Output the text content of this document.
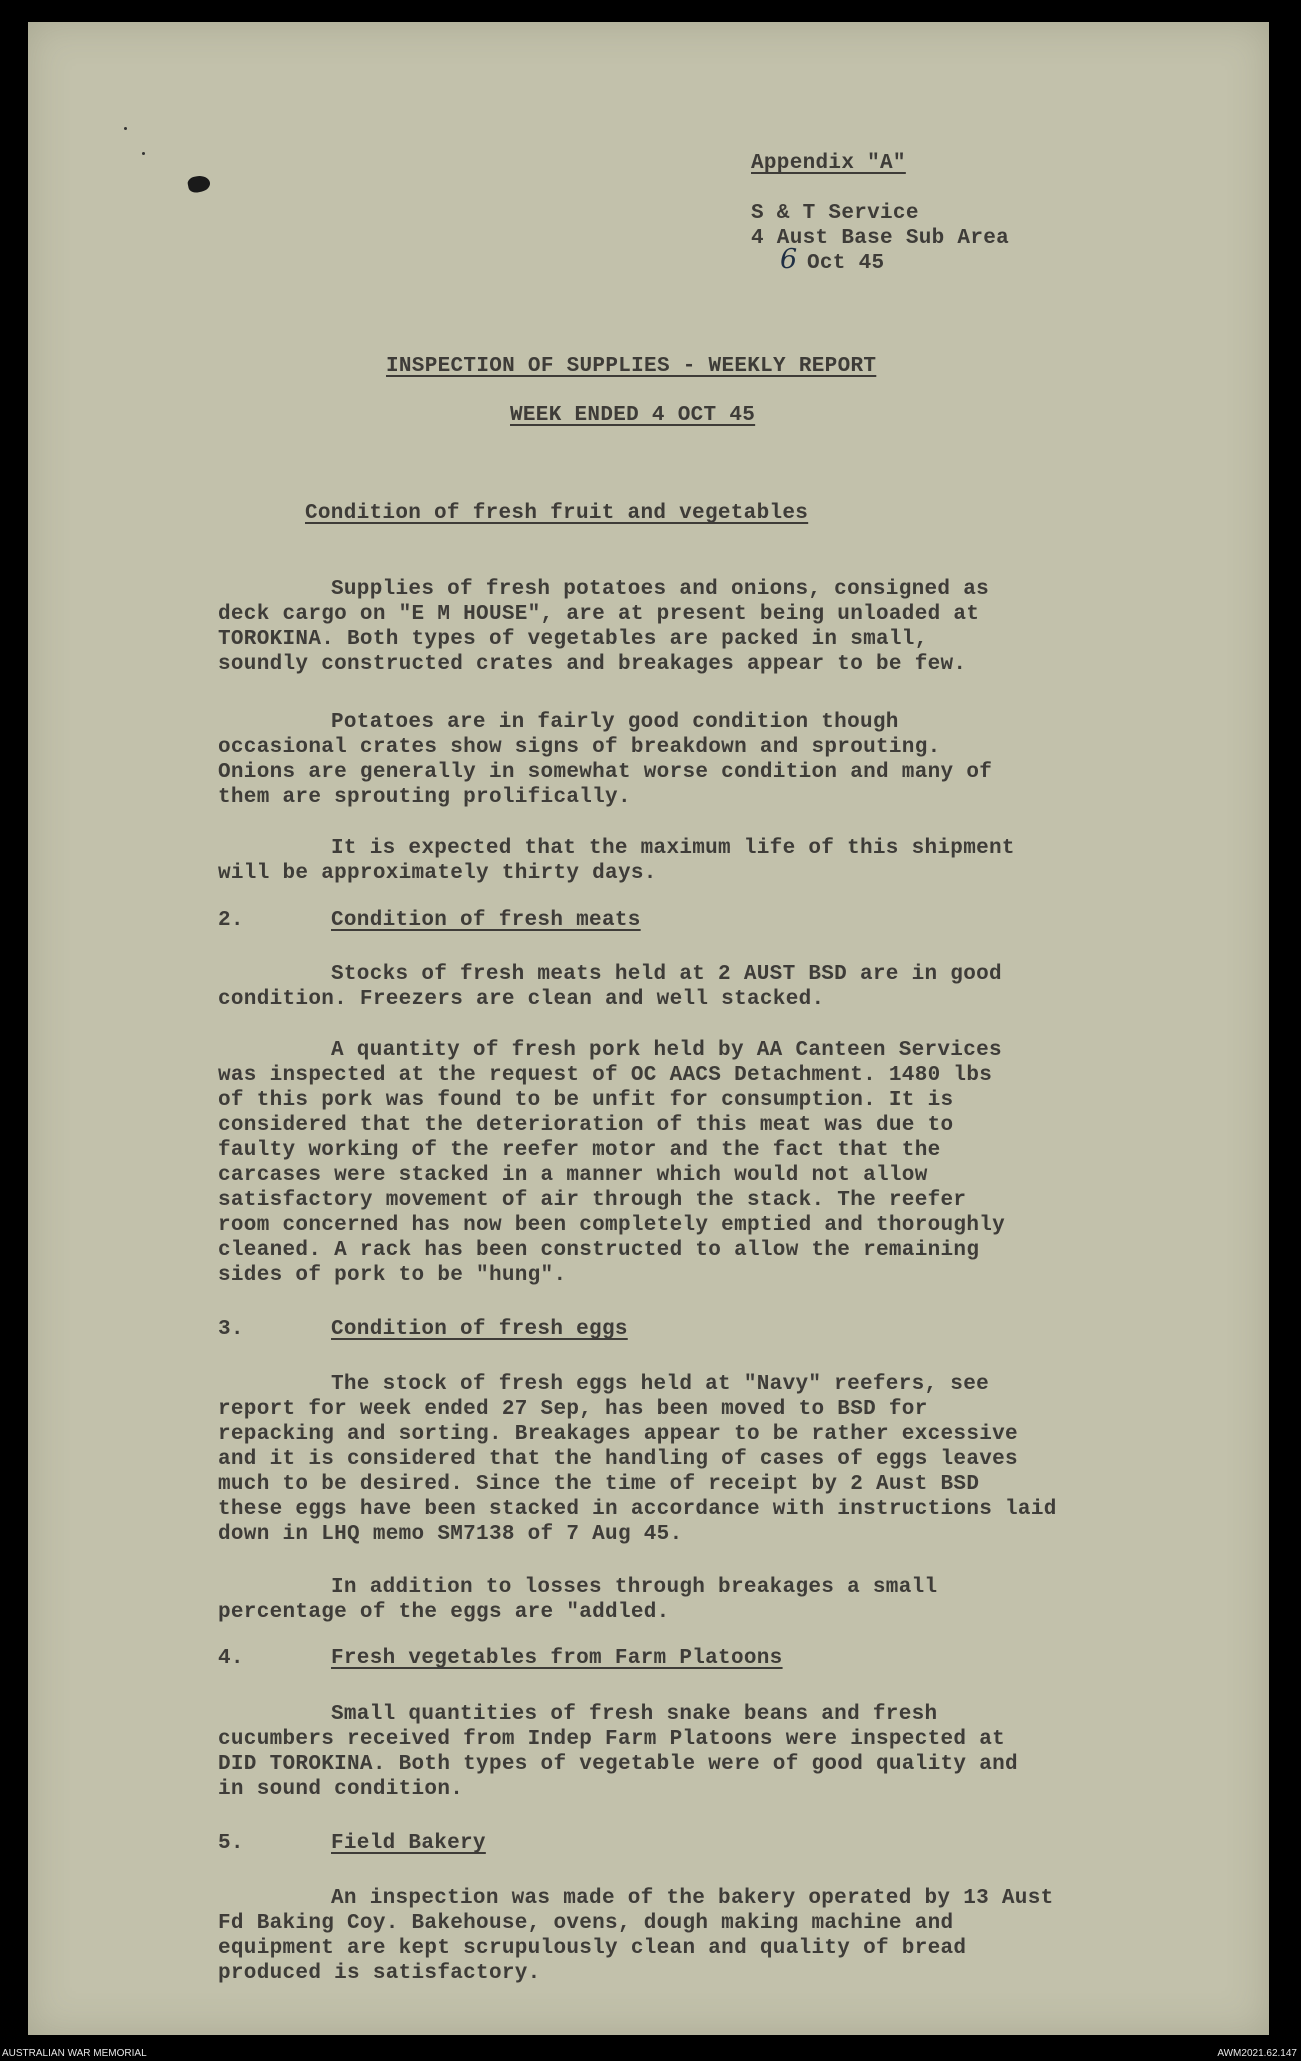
Appendix "A"
S & T Service
4 Aust Base Sub Area
6 Oct 45
INSPECTION OF SUPPLIES - WEEKLY REPORT
WEEK ENDED 4 OCT 45
Condition of fresh fruit and vegetables
Supplies of fresh potatoes and onions, consigned as
deck cargo on "E M HOUSE", are at present being unloaded at
TOROKINA. Both types of vegetables are packed in small,
soundly constructed crates and breakages appear to be few.
Potatoes are in fairly good condition though
occasional crates show signs of breakdown and sprouting.
Onions are generally in somewhat worse condition and many of
them are sprouting prolifically.
It is expected that the maximum life of this shipment
will be approximately thirty days.
2.	Condition of fresh meats
Stocks of fresh meats held at 2 AUST BSD are in good
condition. Freezers are clean and well stacked.
A quantity of fresh pork held by AA Canteen Services
was inspected at the request of OC AACS Detachment. 1480 lbs
of this pork was found to be unfit for consumption. It is
considered that the deterioration of this meat was due to
faulty working of the reefer motor and the fact that the
carcases were stacked in a manner which would not allow
satisfactory movement of air through the stack. The reefer
room concerned has now been completely emptied and thoroughly
cleaned. A rack has been constructed to allow the remaining
sides of pork to be "hung".
3.	Condition of fresh eggs
The stock of fresh eggs held at "Navy" reefers, see
report for week ended 27 Sep, has been moved to BSD for
repacking and sorting. Breakages appear to be rather excessive
and it is considered that the handling of cases of eggs leaves
much to be desired. Since the time of receipt by 2 Aust BSD
these eggs have been stacked in accordance with instructions laid
down in LHQ memo SM7138 of 7 Aug 45.
In addition to losses through breakages a small
percentage of the eggs are "addled.
4.	Fresh vegetables from Farm Platoons
Small quantities of fresh snake beans and fresh
cucumbers received from Indep Farm Platoons were inspected at
DID TOROKINA. Both types of vegetable were of good quality and
in sound condition.
5.	Field Bakery
An inspection was made of the bakery operated by 13 Aust
Fd Baking Coy. Bakehouse, ovens, dough making machine and
equipment are kept scrupulously clean and quality of bread
produced is satisfactory.
AUSTRALIAN WAR MEMORIAL	AWM2021.62.147
